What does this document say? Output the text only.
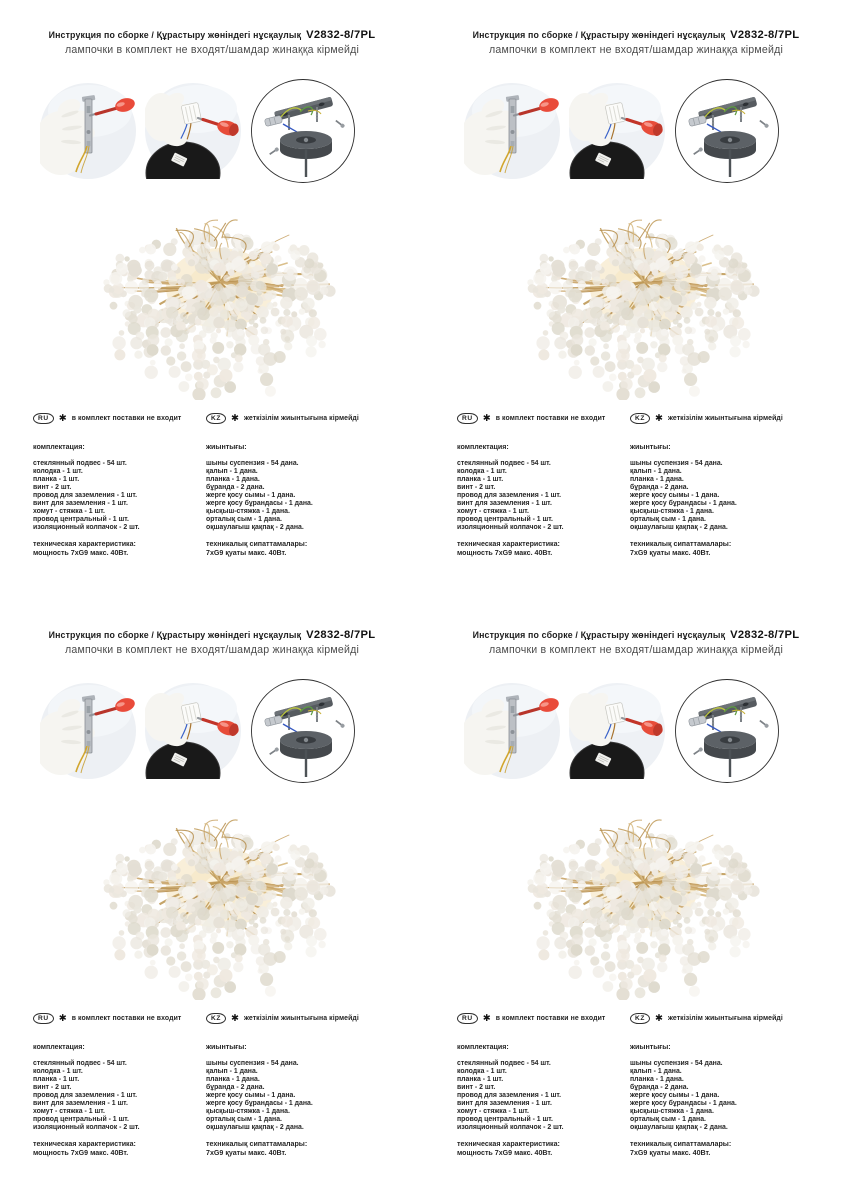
Инструкция по сборке / Құрастыру жөніндегі нұсқаулық V2832-8/7PL
лампочки в комплект не входят/шамдар жинаққа кірмейді
RU	✱ в комплект поставки не входит
комплектация:
стеклянный подвес - 54 шт.
колодка - 1 шт.
планка - 1 шт.
винт - 2 шт.
провод для заземления - 1 шт.
винт для заземления - 1 шт.
хомут - стяжка - 1 шт.
провод центральный - 1 шт.
изоляционный колпачок - 2 шт.
техническая характеристика:
мощность 7xG9 макс. 40Вт.
KZ	✱ жеткізілім жиынтығына кірмейді
жиынтығы:
шыны суспензия - 54 дана.
қалып - 1 дана.
планка - 1 дана.
бұранда - 2 дана.
жерге қосу сымы - 1 дана.
жерге қосу бұрандасы - 1 дана.
қысқыш-стяжка - 1 дана.
орталық сым - 1 дана.
оқшаулағыш қақпақ - 2 дана.
техникалық сипаттамалары:
7xG9 қуаты макс. 40Вт.
Инструкция по сборке / Құрастыру жөніндегі нұсқаулық V2832-8/7PL
лампочки в комплект не входят/шамдар жинаққа кірмейді
RU	✱ в комплект поставки не входит
комплектация:
стеклянный подвес - 54 шт.
колодка - 1 шт.
планка - 1 шт.
винт - 2 шт.
провод для заземления - 1 шт.
винт для заземления - 1 шт.
хомут - стяжка - 1 шт.
провод центральный - 1 шт.
изоляционный колпачок - 2 шт.
техническая характеристика:
мощность 7xG9 макс. 40Вт.
KZ	✱ жеткізілім жиынтығына кірмейді
жиынтығы:
шыны суспензия - 54 дана.
қалып - 1 дана.
планка - 1 дана.
бұранда - 2 дана.
жерге қосу сымы - 1 дана.
жерге қосу бұрандасы - 1 дана.
қысқыш-стяжка - 1 дана.
орталық сым - 1 дана.
оқшаулағыш қақпақ - 2 дана.
техникалық сипаттамалары:
7xG9 қуаты макс. 40Вт.
Инструкция по сборке / Құрастыру жөніндегі нұсқаулық V2832-8/7PL
лампочки в комплект не входят/шамдар жинаққа кірмейді
RU	✱ в комплект поставки не входит
комплектация:
стеклянный подвес - 54 шт.
колодка - 1 шт.
планка - 1 шт.
винт - 2 шт.
провод для заземления - 1 шт.
винт для заземления - 1 шт.
хомут - стяжка - 1 шт.
провод центральный - 1 шт.
изоляционный колпачок - 2 шт.
техническая характеристика:
мощность 7xG9 макс. 40Вт.
KZ	✱ жеткізілім жиынтығына кірмейді
жиынтығы:
шыны суспензия - 54 дана.
қалып - 1 дана.
планка - 1 дана.
бұранда - 2 дана.
жерге қосу сымы - 1 дана.
жерге қосу бұрандасы - 1 дана.
қысқыш-стяжка - 1 дана.
орталық сым - 1 дана.
оқшаулағыш қақпақ - 2 дана.
техникалық сипаттамалары:
7xG9 қуаты макс. 40Вт.
Инструкция по сборке / Құрастыру жөніндегі нұсқаулық V2832-8/7PL
лампочки в комплект не входят/шамдар жинаққа кірмейді
RU	✱ в комплект поставки не входит
комплектация:
стеклянный подвес - 54 шт.
колодка - 1 шт.
планка - 1 шт.
винт - 2 шт.
провод для заземления - 1 шт.
винт для заземления - 1 шт.
хомут - стяжка - 1 шт.
провод центральный - 1 шт.
изоляционный колпачок - 2 шт.
техническая характеристика:
мощность 7xG9 макс. 40Вт.
KZ	✱ жеткізілім жиынтығына кірмейді
жиынтығы:
шыны суспензия - 54 дана.
қалып - 1 дана.
планка - 1 дана.
бұранда - 2 дана.
жерге қосу сымы - 1 дана.
жерге қосу бұрандасы - 1 дана.
қысқыш-стяжка - 1 дана.
орталық сым - 1 дана.
оқшаулағыш қақпақ - 2 дана.
техникалық сипаттамалары:
7xG9 қуаты макс. 40Вт.
